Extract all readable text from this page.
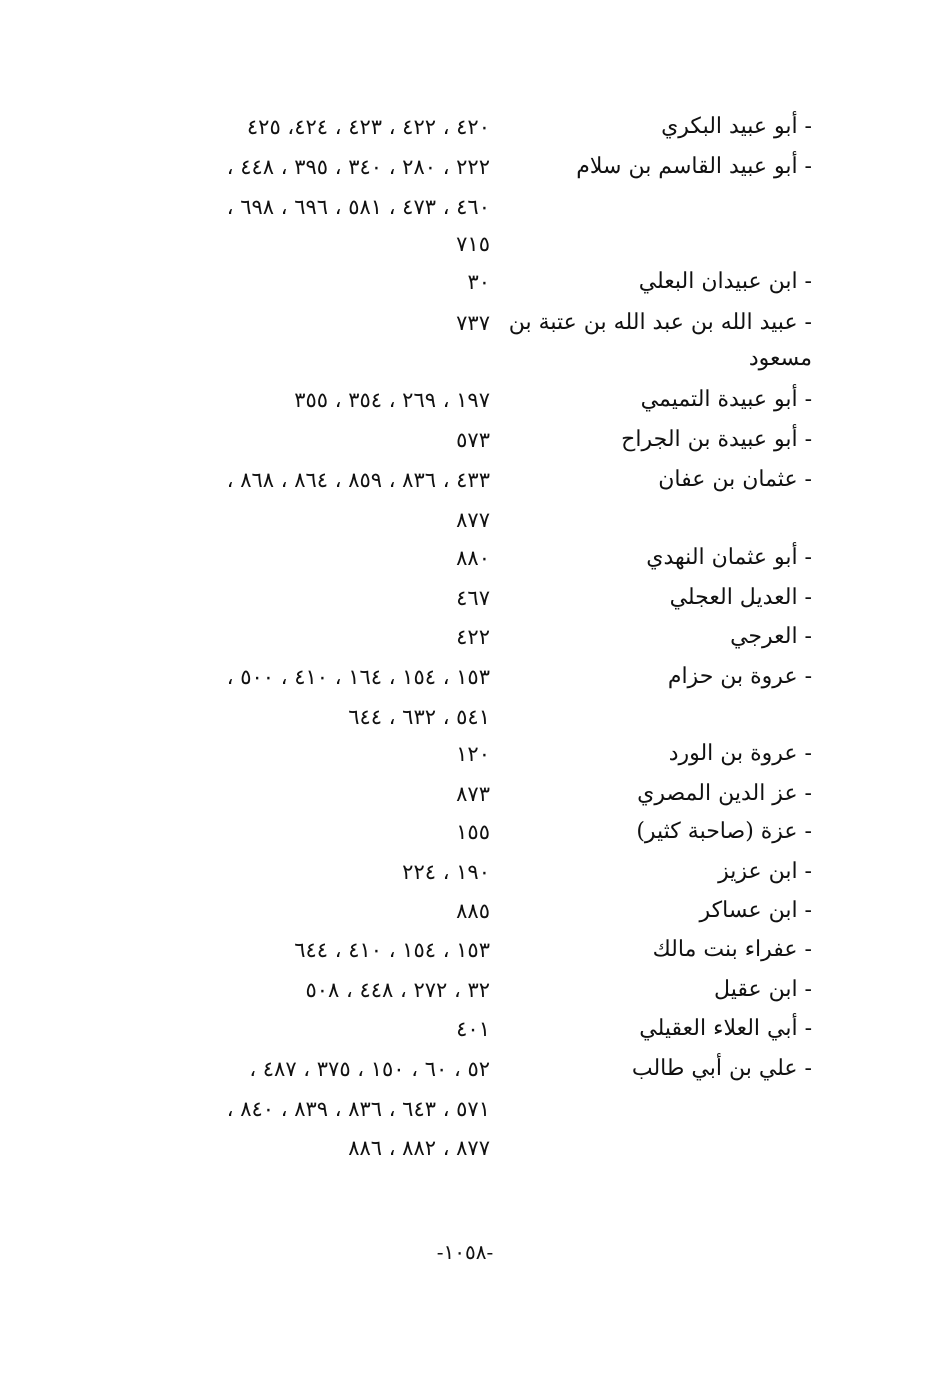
- أبو عبيد البكري
٤٢٠ ، ٤٢٢ ، ٤٢٣ ، ٤٢٤، ٤٢٥
- أبو عبيد القاسم بن سلام
٢٢٢ ، ٢٨٠ ، ٣٤٠ ، ٣٩٥ ، ٤٤٨ ،
٤٦٠ ، ٤٧٣ ، ٥٨١ ، ٦٩٦ ، ٦٩٨ ،
٧١٥
- ابن عبيدان البعلي
٣٠
- عبيد الله بن عبد الله بن عتبة بن
٧٣٧
مسعود
- أبو عبيدة التميمي
١٩٧ ، ٢٦٩ ، ٣٥٤ ، ٣٥٥
- أبو عبيدة بن الجراح
٥٧٣
- عثمان بن عفان
٤٣٣ ، ٨٣٦ ، ٨٥٩ ، ٨٦٤ ، ٨٦٨ ،
٨٧٧
- أبو عثمان النهدي
٨٨٠
- العديل العجلي
٤٦٧
- العرجي
٤٢٢
- عروة بن حزام
١٥٣ ، ١٥٤ ، ١٦٤ ، ٤١٠ ، ٥٠٠ ،
٥٤١ ، ٦٣٢ ، ٦٤٤
- عروة بن الورد
١٢٠
- عز الدين المصري
٨٧٣
- عزة (صاحبة كثير)
١٥٥
- ابن عزيز
١٩٠ ، ٢٢٤
- ابن عساكر
٨٨٥
- عفراء بنت مالك
١٥٣ ، ١٥٤ ، ٤١٠ ، ٦٤٤
- ابن عقيل
٣٢ ، ٢٧٢ ، ٤٤٨ ، ٥٠٨
- أبي العلاء العقيلي
٤٠١
- علي بن أبي طالب
٥٢ ، ٦٠ ، ١٥٠ ، ٣٧٥ ، ٤٨٧ ،
٥٧١ ، ٦٤٣ ، ٨٣٦ ، ٨٣٩ ، ٨٤٠ ،
٨٧٧ ، ٨٨٢ ، ٨٨٦
-١٠٥٨-
